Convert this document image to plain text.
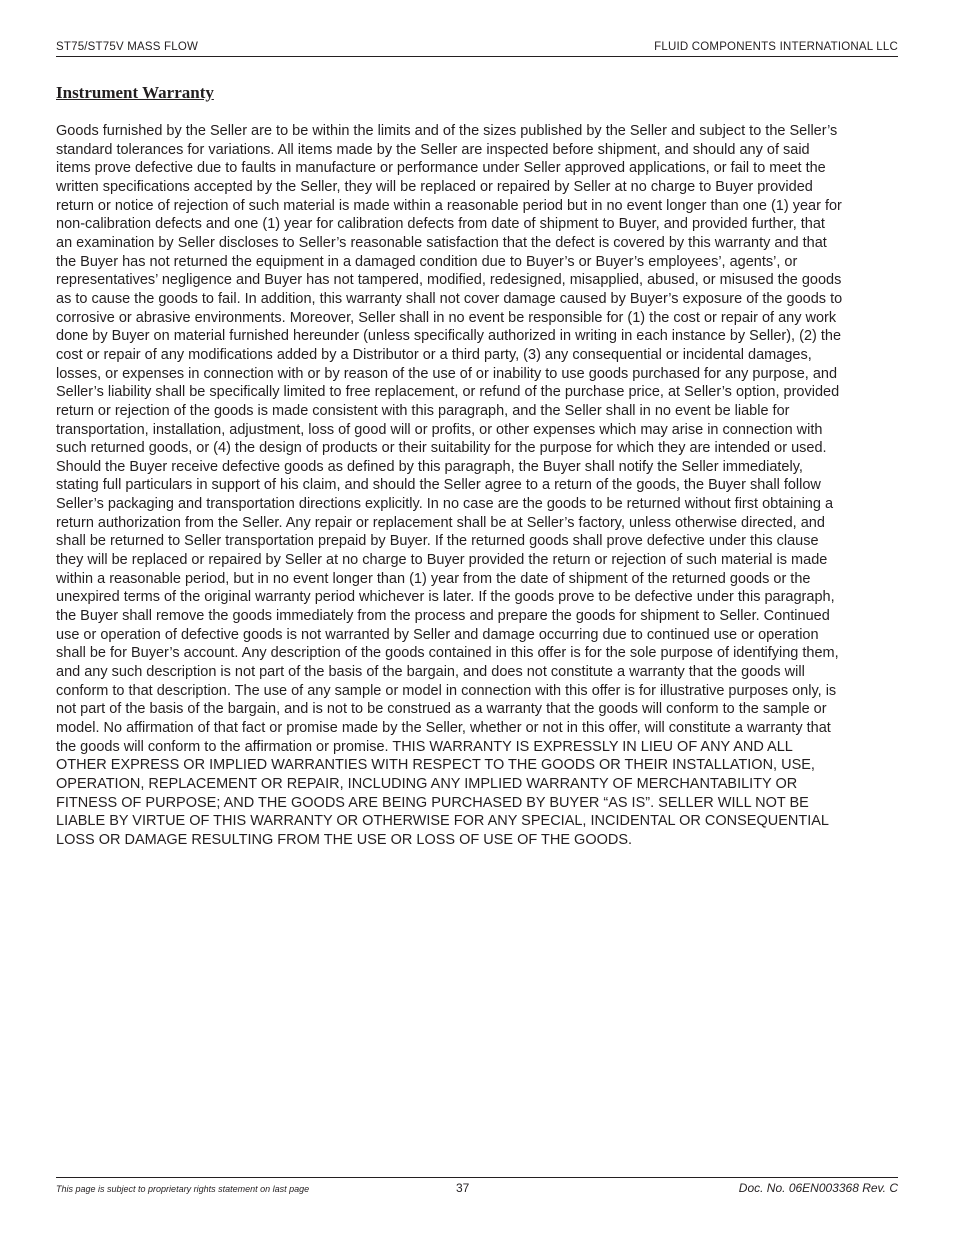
ST75/ST75V MASS FLOW	FLUID COMPONENTS INTERNATIONAL LLC
Instrument Warranty

Goods furnished by the Seller are to be within the limits and of the sizes published by the Seller and subject to the Seller’s
standard tolerances for variations. All items made by the Seller are inspected before shipment, and should any of said
items prove defective due to faults in manufacture or performance under Seller approved applications, or fail to meet the
written specifications accepted by the Seller, they will be replaced or repaired by Seller at no charge to Buyer provided
return or notice of rejection of such material is made within a reasonable period but in no event longer than one (1) year for
non-calibration defects and one (1) year for calibration defects from date of shipment to Buyer, and provided further, that
an examination by Seller discloses to Seller’s reasonable satisfaction that the defect is covered by this warranty and that
the Buyer has not returned the equipment in a damaged condition due to Buyer’s or Buyer’s employees’, agents’, or
representatives’ negligence and Buyer has not tampered, modified, redesigned, misapplied, abused, or misused the goods
as to cause the goods to fail. In addition, this warranty shall not cover damage caused by Buyer’s exposure of the goods to
corrosive or abrasive environments. Moreover, Seller shall in no event be responsible for (1) the cost or repair of any work
done by Buyer on material furnished hereunder (unless specifically authorized in writing in each instance by Seller), (2) the
cost or repair of any modifications added by a Distributor or a third party, (3) any consequential or incidental damages,
losses, or expenses in connection with or by reason of the use of or inability to use goods purchased for any purpose, and
Seller’s liability shall be specifically limited to free replacement, or refund of the purchase price, at Seller’s option, provided
return or rejection of the goods is made consistent with this paragraph, and the Seller shall in no event be liable for
transportation, installation, adjustment, loss of good will or profits, or other expenses which may arise in connection with
such returned goods, or (4) the design of products or their suitability for the purpose for which they are intended or used.
Should the Buyer receive defective goods as defined by this paragraph, the Buyer shall notify the Seller immediately,
stating full particulars in support of his claim, and should the Seller agree to a return of the goods, the Buyer shall follow
Seller’s packaging and transportation directions explicitly. In no case are the goods to be returned without first obtaining a
return authorization from the Seller. Any repair or replacement shall be at Seller’s factory, unless otherwise directed, and
shall be returned to Seller transportation prepaid by Buyer. If the returned goods shall prove defective under this clause
they will be replaced or repaired by Seller at no charge to Buyer provided the return or rejection of such material is made
within a reasonable period, but in no event longer than (1) year from the date of shipment of the returned goods or the
unexpired terms of the original warranty period whichever is later. If the goods prove to be defective under this paragraph,
the Buyer shall remove the goods immediately from the process and prepare the goods for shipment to Seller. Continued
use or operation of defective goods is not warranted by Seller and damage occurring due to continued use or operation
shall be for Buyer’s account. Any description of the goods contained in this offer is for the sole purpose of identifying them,
and any such description is not part of the basis of the bargain, and does not constitute a warranty that the goods will
conform to that description. The use of any sample or model in connection with this offer is for illustrative purposes only, is
not part of the basis of the bargain, and is not to be construed as a warranty that the goods will conform to the sample or
model. No affirmation of that fact or promise made by the Seller, whether or not in this offer, will constitute a warranty that
the goods will conform to the affirmation or promise. THIS WARRANTY IS EXPRESSLY IN LIEU OF ANY AND ALL
OTHER EXPRESS OR IMPLIED WARRANTIES WITH RESPECT TO THE GOODS OR THEIR INSTALLATION, USE,
OPERATION, REPLACEMENT OR REPAIR, INCLUDING ANY IMPLIED WARRANTY OF MERCHANTABILITY OR
FITNESS OF PURPOSE; AND THE GOODS ARE BEING PURCHASED BY BUYER “AS IS”. SELLER WILL NOT BE
LIABLE BY VIRTUE OF THIS WARRANTY OR OTHERWISE FOR ANY SPECIAL, INCIDENTAL OR CONSEQUENTIAL
LOSS OR DAMAGE RESULTING FROM THE USE OR LOSS OF USE OF THE GOODS.

This page is subject to proprietary rights statement on last page	37	Doc. No. 06EN003368 Rev. C
